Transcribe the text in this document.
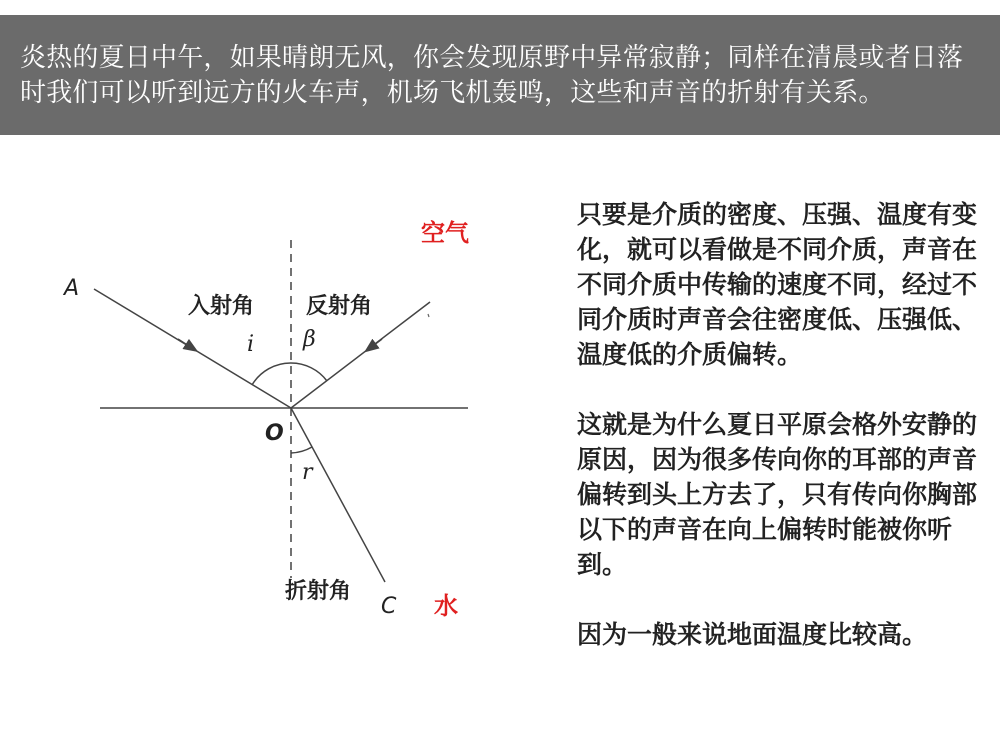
炎热的夏日中午，如果晴朗无风，你会发现原野中异常寂静；同样在清晨或者日落时我们可以听到远方的火车声，机场飞机轰鸣，这些和声音的折射有关系。
空气
水
A
O
C
入射角 反射角
折射角
i β
r

只要是介质的密度、压强、温度有变化，就可以看做是不同介质，声音在不同介质中传输的速度不同，经过不同介质时声音会往密度低、压强低、温度低的介质偏转。

这就是为什么夏日平原会格外安静的原因，因为很多传向你的耳部的声音偏转到头上方去了，只有传向你胸部以下的声音在向上偏转时能被你听到。

因为一般来说地面温度比较高。
